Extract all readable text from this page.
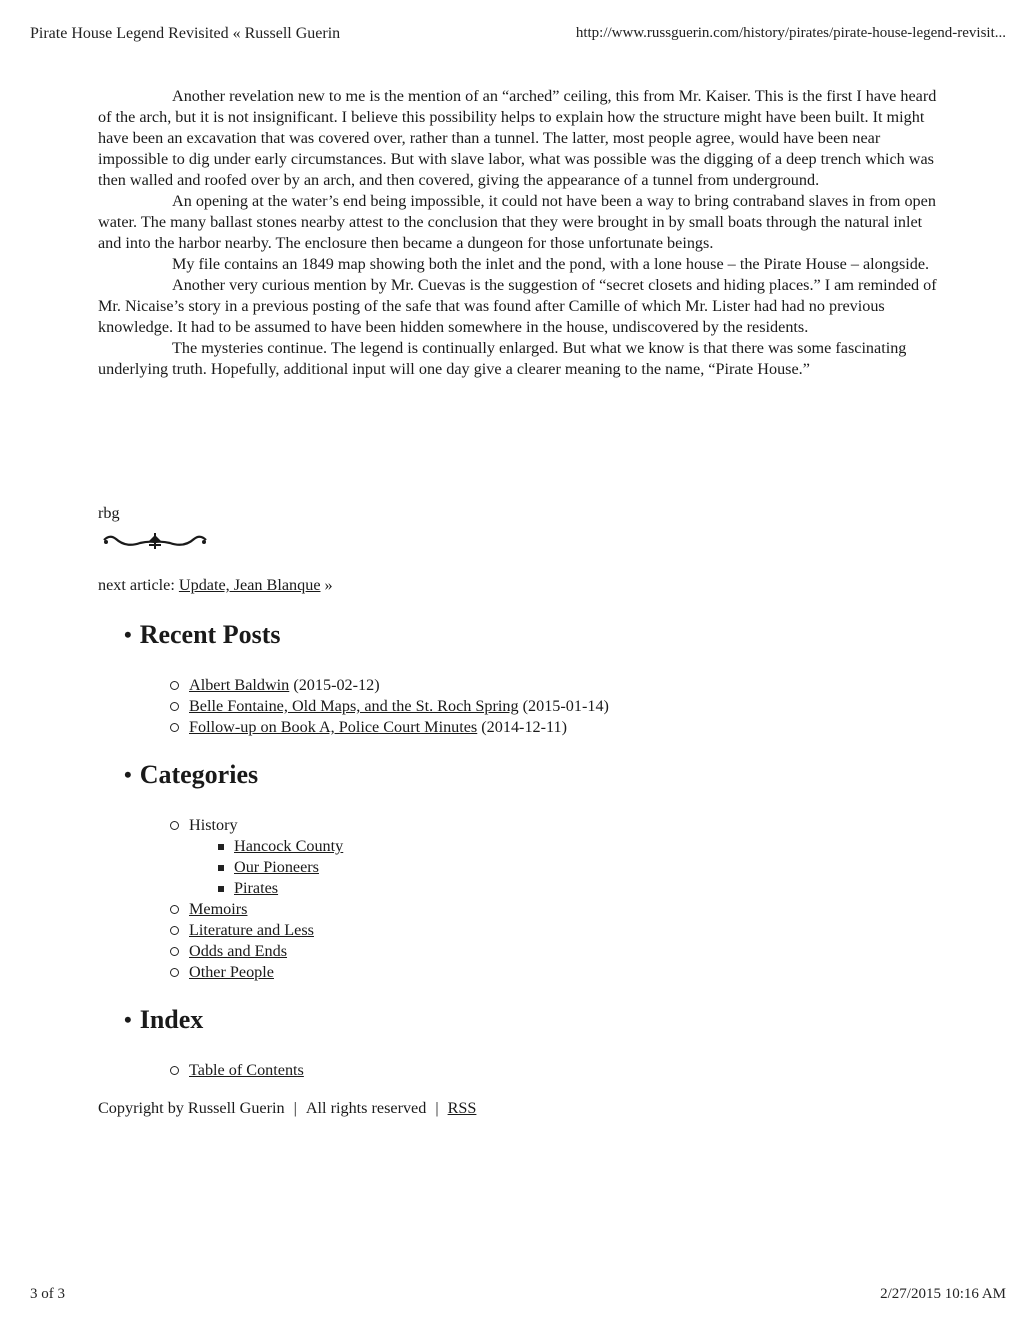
Pirate House Legend Revisited « Russell Guerin	http://www.russguerin.com/history/pirates/pirate-house-legend-revisit...

Another revelation new to me is the mention of an “arched” ceiling, this from Mr. Kaiser. This is the first I have heard of the arch, but it is not insignificant. I believe this possibility helps to explain how the structure might have been built. It might have been an excavation that was covered over, rather than a tunnel. The latter, most people agree, would have been near impossible to dig under early circumstances. But with slave labor, what was possible was the digging of a deep trench which was then walled and roofed over by an arch, and then covered, giving the appearance of a tunnel from underground.

An opening at the water’s end being impossible, it could not have been a way to bring contraband slaves in from open water. The many ballast stones nearby attest to the conclusion that they were brought in by small boats through the natural inlet and into the harbor nearby. The enclosure then became a dungeon for those unfortunate beings.

My file contains an 1849 map showing both the inlet and the pond, with a lone house – the Pirate House – alongside.

Another very curious mention by Mr. Cuevas is the suggestion of “secret closets and hiding places.” I am reminded of Mr. Nicaise’s story in a previous posting of the safe that was found after Camille of which Mr. Lister had had no previous knowledge. It had to be assumed to have been hidden somewhere in the house, undiscovered by the residents.

The mysteries continue. The legend is continually enlarged. But what we know is that there was some fascinating underlying truth. Hopefully, additional input will one day give a clearer meaning to the name, “Pirate House.”

rbg
next article: Update, Jean Blanque »
• Recent Posts
Albert Baldwin
(2015-02-12)
Belle Fontaine, Old Maps, and the St. Roch Spring
(2015-01-14)
Follow-up on Book A, Police Court Minutes
(2014-12-11)
• Categories
History
Hancock County
Our Pioneers
Pirates
Memoirs
Literature and Less
Odds and Ends
Other People
• Index
Table of Contents
Copyright by Russell Guerin | All rights reserved | RSS
3 of 3	2/27/2015 10:16 AM
